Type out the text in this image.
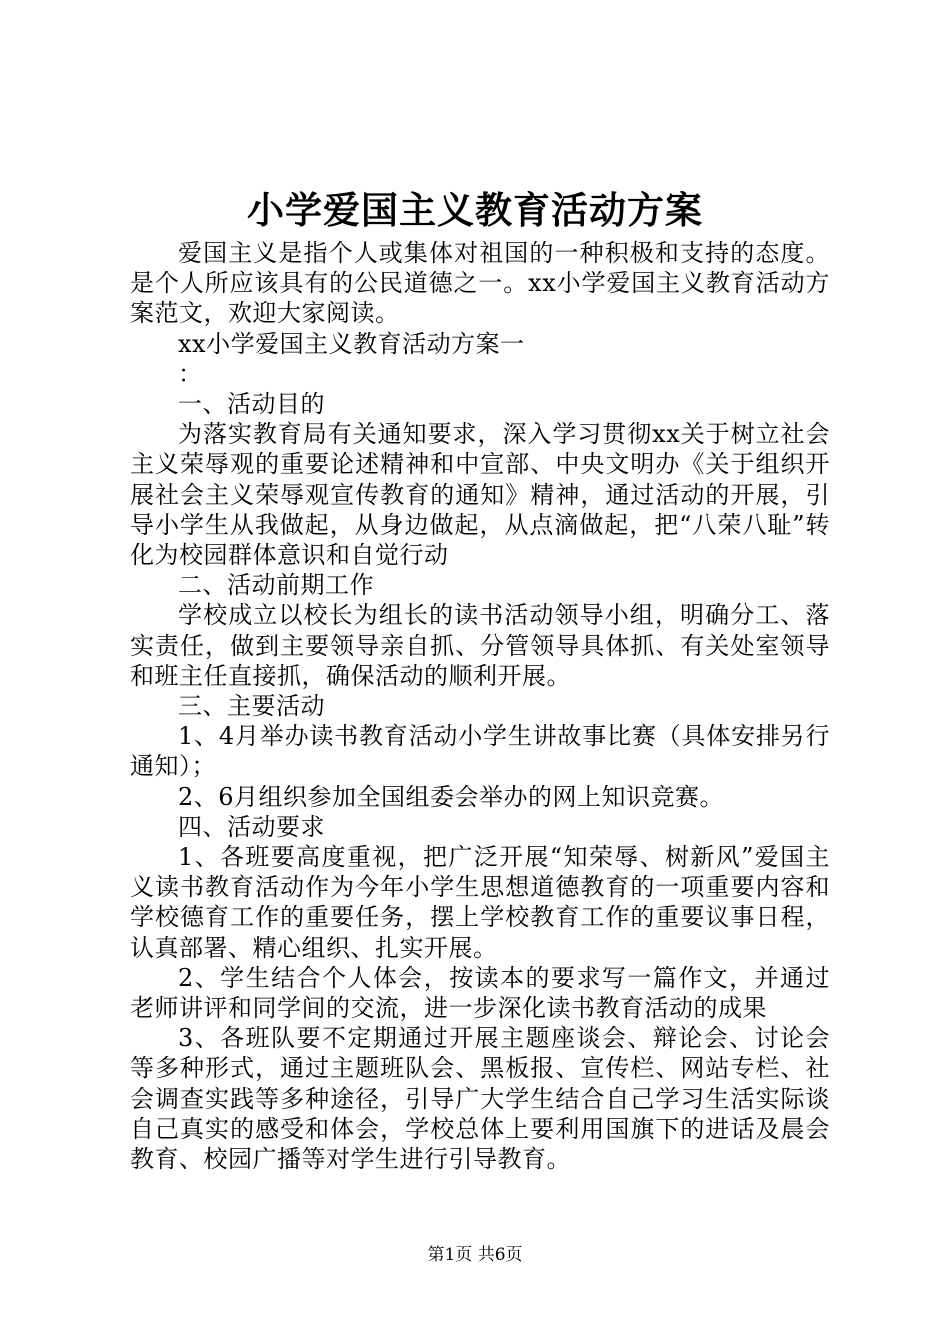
小学爱国主义教育活动方案

爱国主义是指个人或集体对祖国的一种积极和支持的态度。是个人所应该具有的公民道德之一。xx小学爱国主义教育活动方案范文，欢迎大家阅读。

xx小学爱国主义教育活动方案一

：

一、活动目的

为落实教育局有关通知要求，深入学习贯彻xx关于树立社会主义荣辱观的重要论述精神和中宣部、中央文明办《关于组织开展社会主义荣辱观宣传教育的通知》精神，通过活动的开展，引导小学生从我做起，从身边做起，从点滴做起，把“八荣八耻”转化为校园群体意识和自觉行动

二、活动前期工作

学校成立以校长为组长的读书活动领导小组，明确分工、落实责任，做到主要领导亲自抓、分管领导具体抓、有关处室领导和班主任直接抓，确保活动的顺利开展。

三、主要活动

1、4月举办读书教育活动小学生讲故事比赛（具体安排另行通知）；

2、6月组织参加全国组委会举办的网上知识竞赛。

四、活动要求

1、各班要高度重视，把广泛开展“知荣辱、树新风”爱国主义读书教育活动作为今年小学生思想道德教育的一项重要内容和学校德育工作的重要任务，摆上学校教育工作的重要议事日程，认真部署、精心组织、扎实开展。

2、学生结合个人体会，按读本的要求写一篇作文，并通过老师讲评和同学间的交流，进一步深化读书教育活动的成果

3、各班队要不定期通过开展主题座谈会、辩论会、讨论会等多种形式，通过主题班队会、黑板报、宣传栏、网站专栏、社会调查实践等多种途径，引导广大学生结合自己学习生活实际谈自己真实的感受和体会，学校总体上要利用国旗下的进话及晨会教育、校园广播等对学生进行引导教育。

第1页 共6页
